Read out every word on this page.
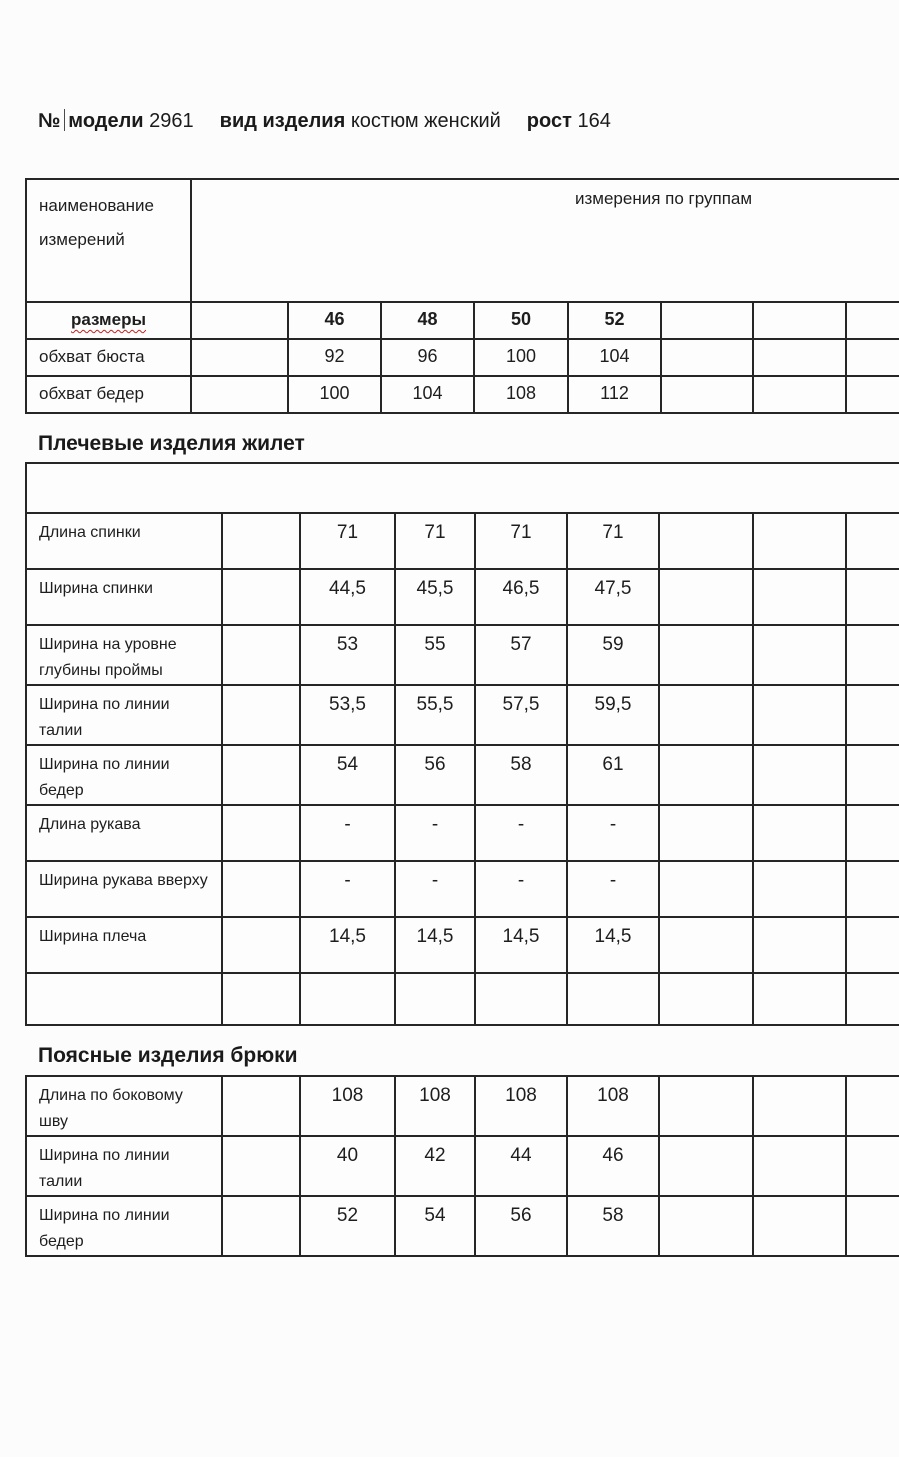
№ модели 2961 вид изделия костюм женский рост 164
наименование
измерений	измерения по группам							
размеры		46	48	50	52			
обхват бюста		92	96	100	104			
обхват бедер		100	104	108	112			
Плечевые изделия жилет

Длина спинки		71	71	71	71			
Ширина спинки		44,5	45,5	46,5	47,5			
Ширина на уровне глубины проймы		53	55	57	59			
Ширина по линии талии		53,5	55,5	57,5	59,5			
Ширина по линии бедер		54	56	58	61			
Длина рукава		-	-	-	-			
Ширина рукава вверху		-	-	-	-			
Ширина плеча		14,5	14,5	14,5	14,5			

Поясные изделия брюки
Длина по боковому шву		108	108	108	108			
Ширина по линии талии		40	42	44	46			
Ширина по линии бедер		52	54	56	58			
